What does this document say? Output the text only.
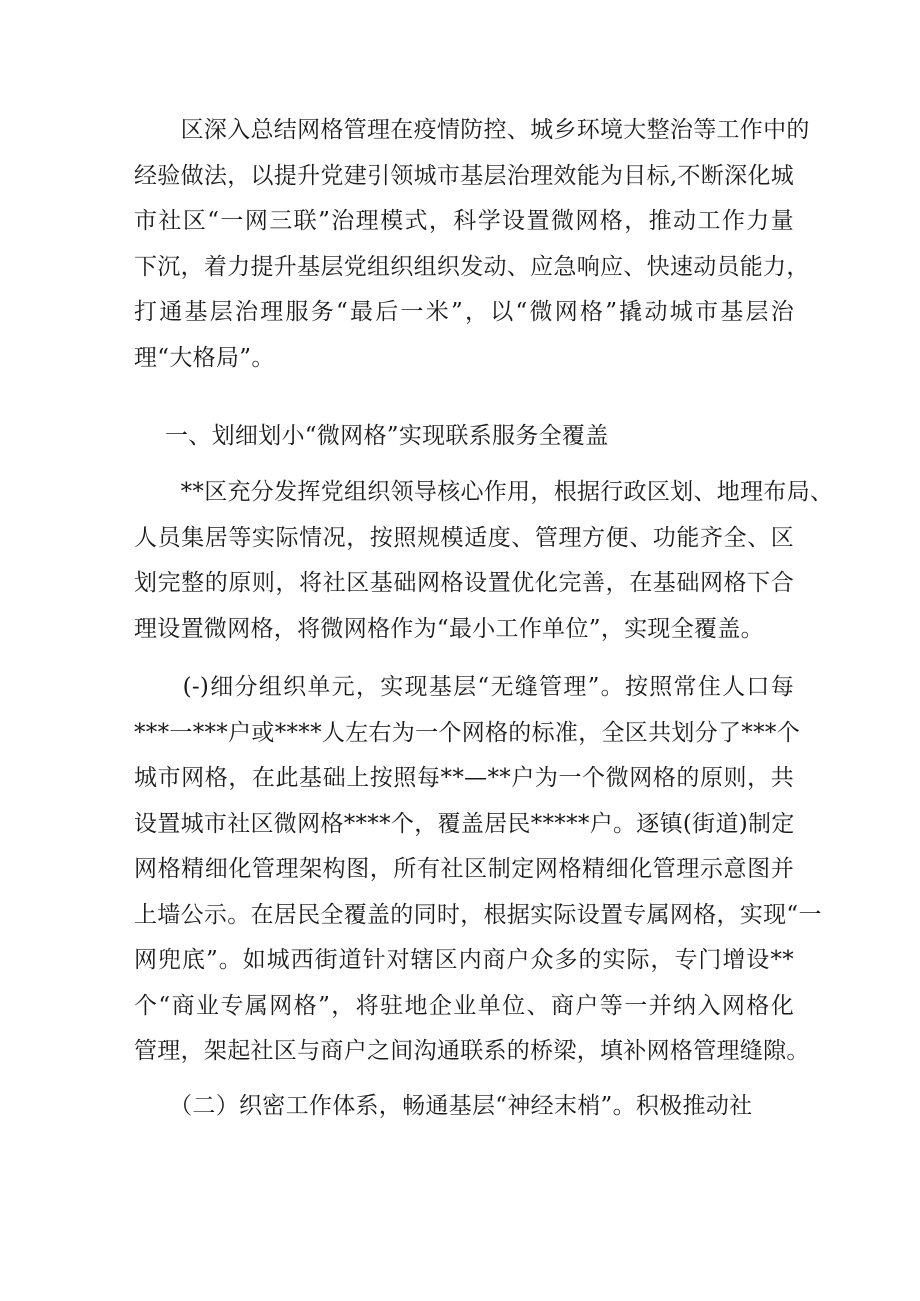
　　区深入总结网格管理在疫情防控、城乡环境大整治等工作中的
经验做法，以提升党建引领城市基层治理效能为目标,不断深化城
市社区“一网三联”治理模式，科学设置微网格，推动工作力量
下沉，着力提升基层党组织组织发动、应急响应、快速动员能力，
打通基层治理服务“最后一米”，以“微网格”撬动城市基层治
理“大格局”。
一、划细划小“微网格”实现联系服务全覆盖
　　**区充分发挥党组织领导核心作用，根据行政区划、地理布局、
人员集居等实际情况，按照规模适度、管理方便、功能齐全、区
划完整的原则，将社区基础网格设置优化完善，在基础网格下合
理设置微网格，将微网格作为“最小工作单位”，实现全覆盖。
　　(-)细分组织单元，实现基层“无缝管理”。按照常住人口每
***一***户或****人左右为一个网格的标准，全区共划分了***个
城市网格，在此基础上按照每**—**户为一个微网格的原则，共
设置城市社区微网格****个，覆盖居民*****户。逐镇(街道)制定
网格精细化管理架构图，所有社区制定网格精细化管理示意图并
上墙公示。在居民全覆盖的同时，根据实际设置专属网格，实现“一
网兜底”。如城西街道针对辖区内商户众多的实际，专门增设**
个“商业专属网格”，将驻地企业单位、商户等一并纳入网格化
管理，架起社区与商户之间沟通联系的桥梁，填补网格管理缝隙。
　　（二）织密工作体系，畅通基层“神经末梢”。积极推动社
